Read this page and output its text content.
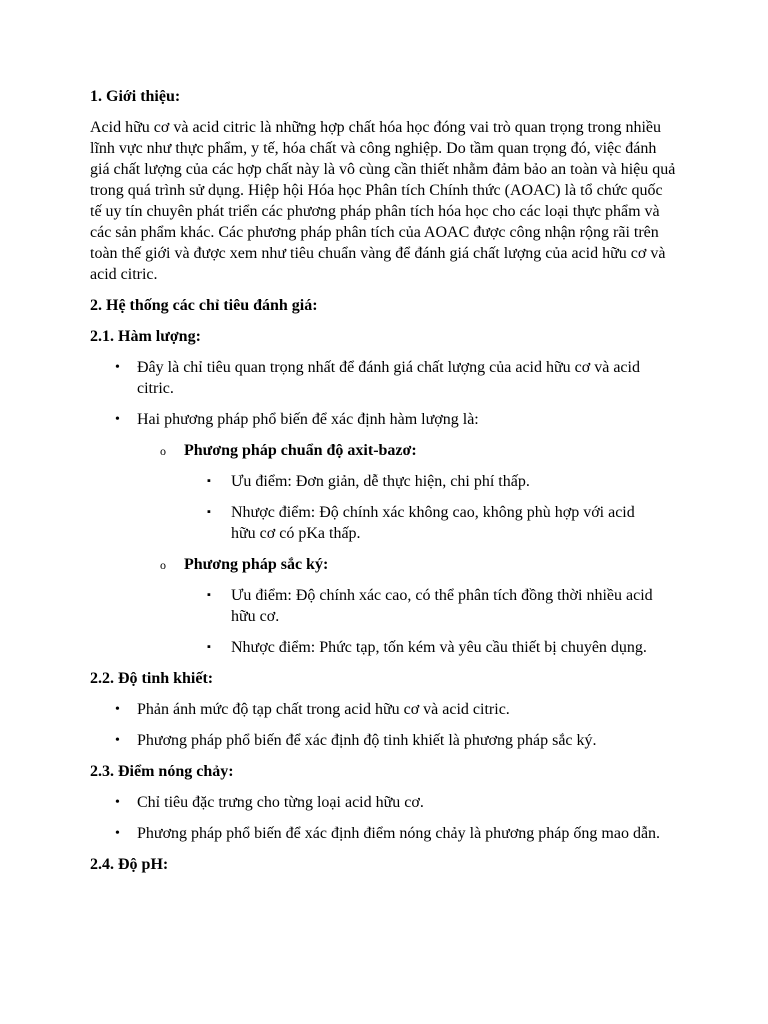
1. Giới thiệu:

Acid hữu cơ và acid citric là những hợp chất hóa học đóng vai trò quan trọng trong nhiều lĩnh vực như thực phẩm, y tế, hóa chất và công nghiệp. Do tầm quan trọng đó, việc đánh giá chất lượng của các hợp chất này là vô cùng cần thiết nhằm đảm bảo an toàn và hiệu quả trong quá trình sử dụng. Hiệp hội Hóa học Phân tích Chính thức (AOAC) là tổ chức quốc tế uy tín chuyên phát triển các phương pháp phân tích hóa học cho các loại thực phẩm và các sản phẩm khác. Các phương pháp phân tích của AOAC được công nhận rộng rãi trên toàn thế giới và được xem như tiêu chuẩn vàng để đánh giá chất lượng của acid hữu cơ và acid citric.

2. Hệ thống các chỉ tiêu đánh giá:

2.1. Hàm lượng:

• Đây là chỉ tiêu quan trọng nhất để đánh giá chất lượng của acid hữu cơ và acid citric.
• Hai phương pháp phổ biến để xác định hàm lượng là:
o Phương pháp chuẩn độ axit-bazơ:
▪ Ưu điểm: Đơn giản, dễ thực hiện, chi phí thấp.
▪ Nhược điểm: Độ chính xác không cao, không phù hợp với acid hữu cơ có pKa thấp.
o Phương pháp sắc ký:
▪ Ưu điểm: Độ chính xác cao, có thể phân tích đồng thời nhiều acid hữu cơ.
▪ Nhược điểm: Phức tạp, tốn kém và yêu cầu thiết bị chuyên dụng.

2.2. Độ tinh khiết:

• Phản ánh mức độ tạp chất trong acid hữu cơ và acid citric.
• Phương pháp phổ biến để xác định độ tinh khiết là phương pháp sắc ký.

2.3. Điểm nóng chảy:

• Chỉ tiêu đặc trưng cho từng loại acid hữu cơ.
• Phương pháp phổ biến để xác định điểm nóng chảy là phương pháp ống mao dẫn.

2.4. Độ pH:
